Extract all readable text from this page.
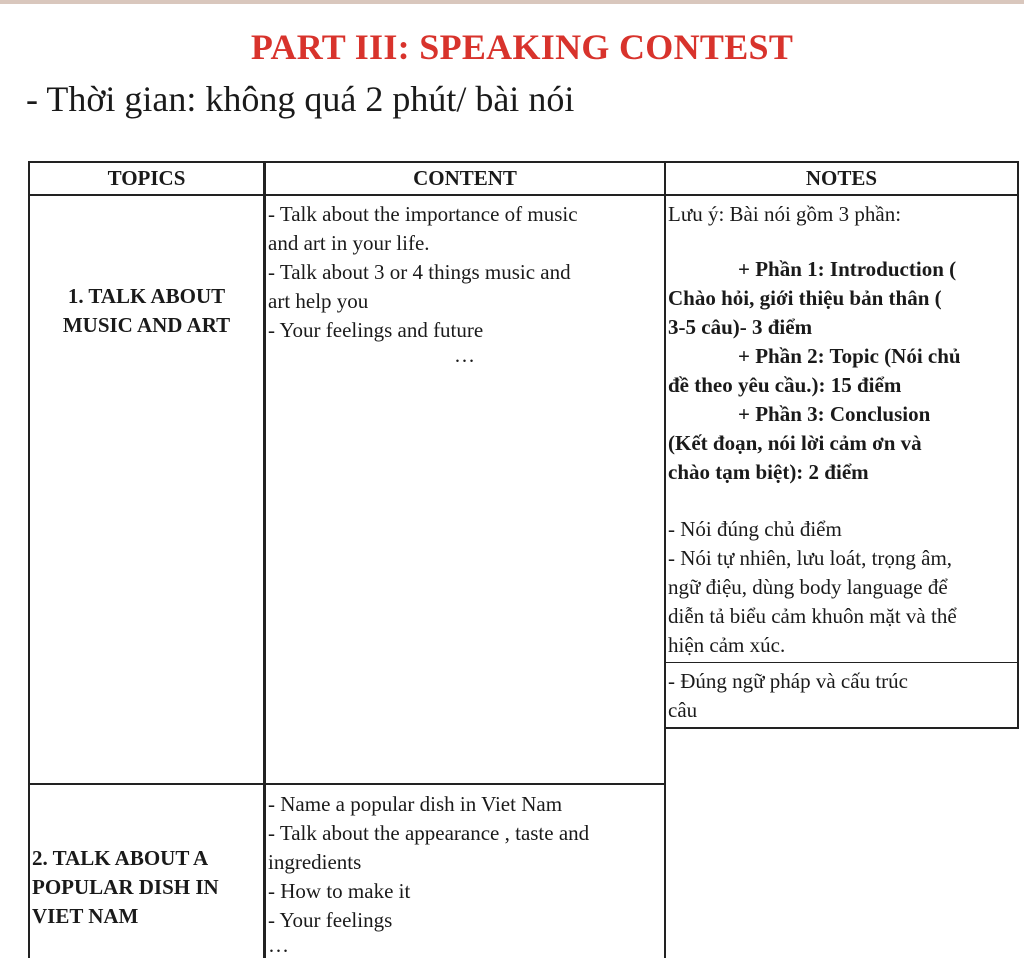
PART III: SPEAKING CONTEST
- Thời gian: không quá 2 phút/ bài nói
TOPICS	CONTENT	NOTES
1. TALK ABOUT
MUSIC AND ART
- Talk about the importance of music
and art in your life.
- Talk about 3 or 4 things music and
art help you
- Your feelings and future
…
2. TALK ABOUT A
POPULAR DISH IN
VIET NAM
- Name a popular dish in Viet Nam
- Talk about the appearance , taste and
ingredients
- How to make it
- Your feelings
…
Lưu ý: Bài nói gồm 3 phần:
+ Phần 1: Introduction (
Chào hỏi, giới thiệu bản thân (
3-5 câu)- 3 điểm
+ Phần 2: Topic (Nói chủ
đề theo yêu cầu.): 15 điểm
+ Phần 3: Conclusion
(Kết đoạn, nói lời cảm ơn và
chào tạm biệt): 2 điểm
- Nói đúng chủ điểm
- Nói tự nhiên, lưu loát, trọng âm,
ngữ điệu, dùng body language để
diễn tả biểu cảm khuôn mặt và thể
hiện cảm xúc.
- Đúng ngữ pháp và cấu trúc
câu
